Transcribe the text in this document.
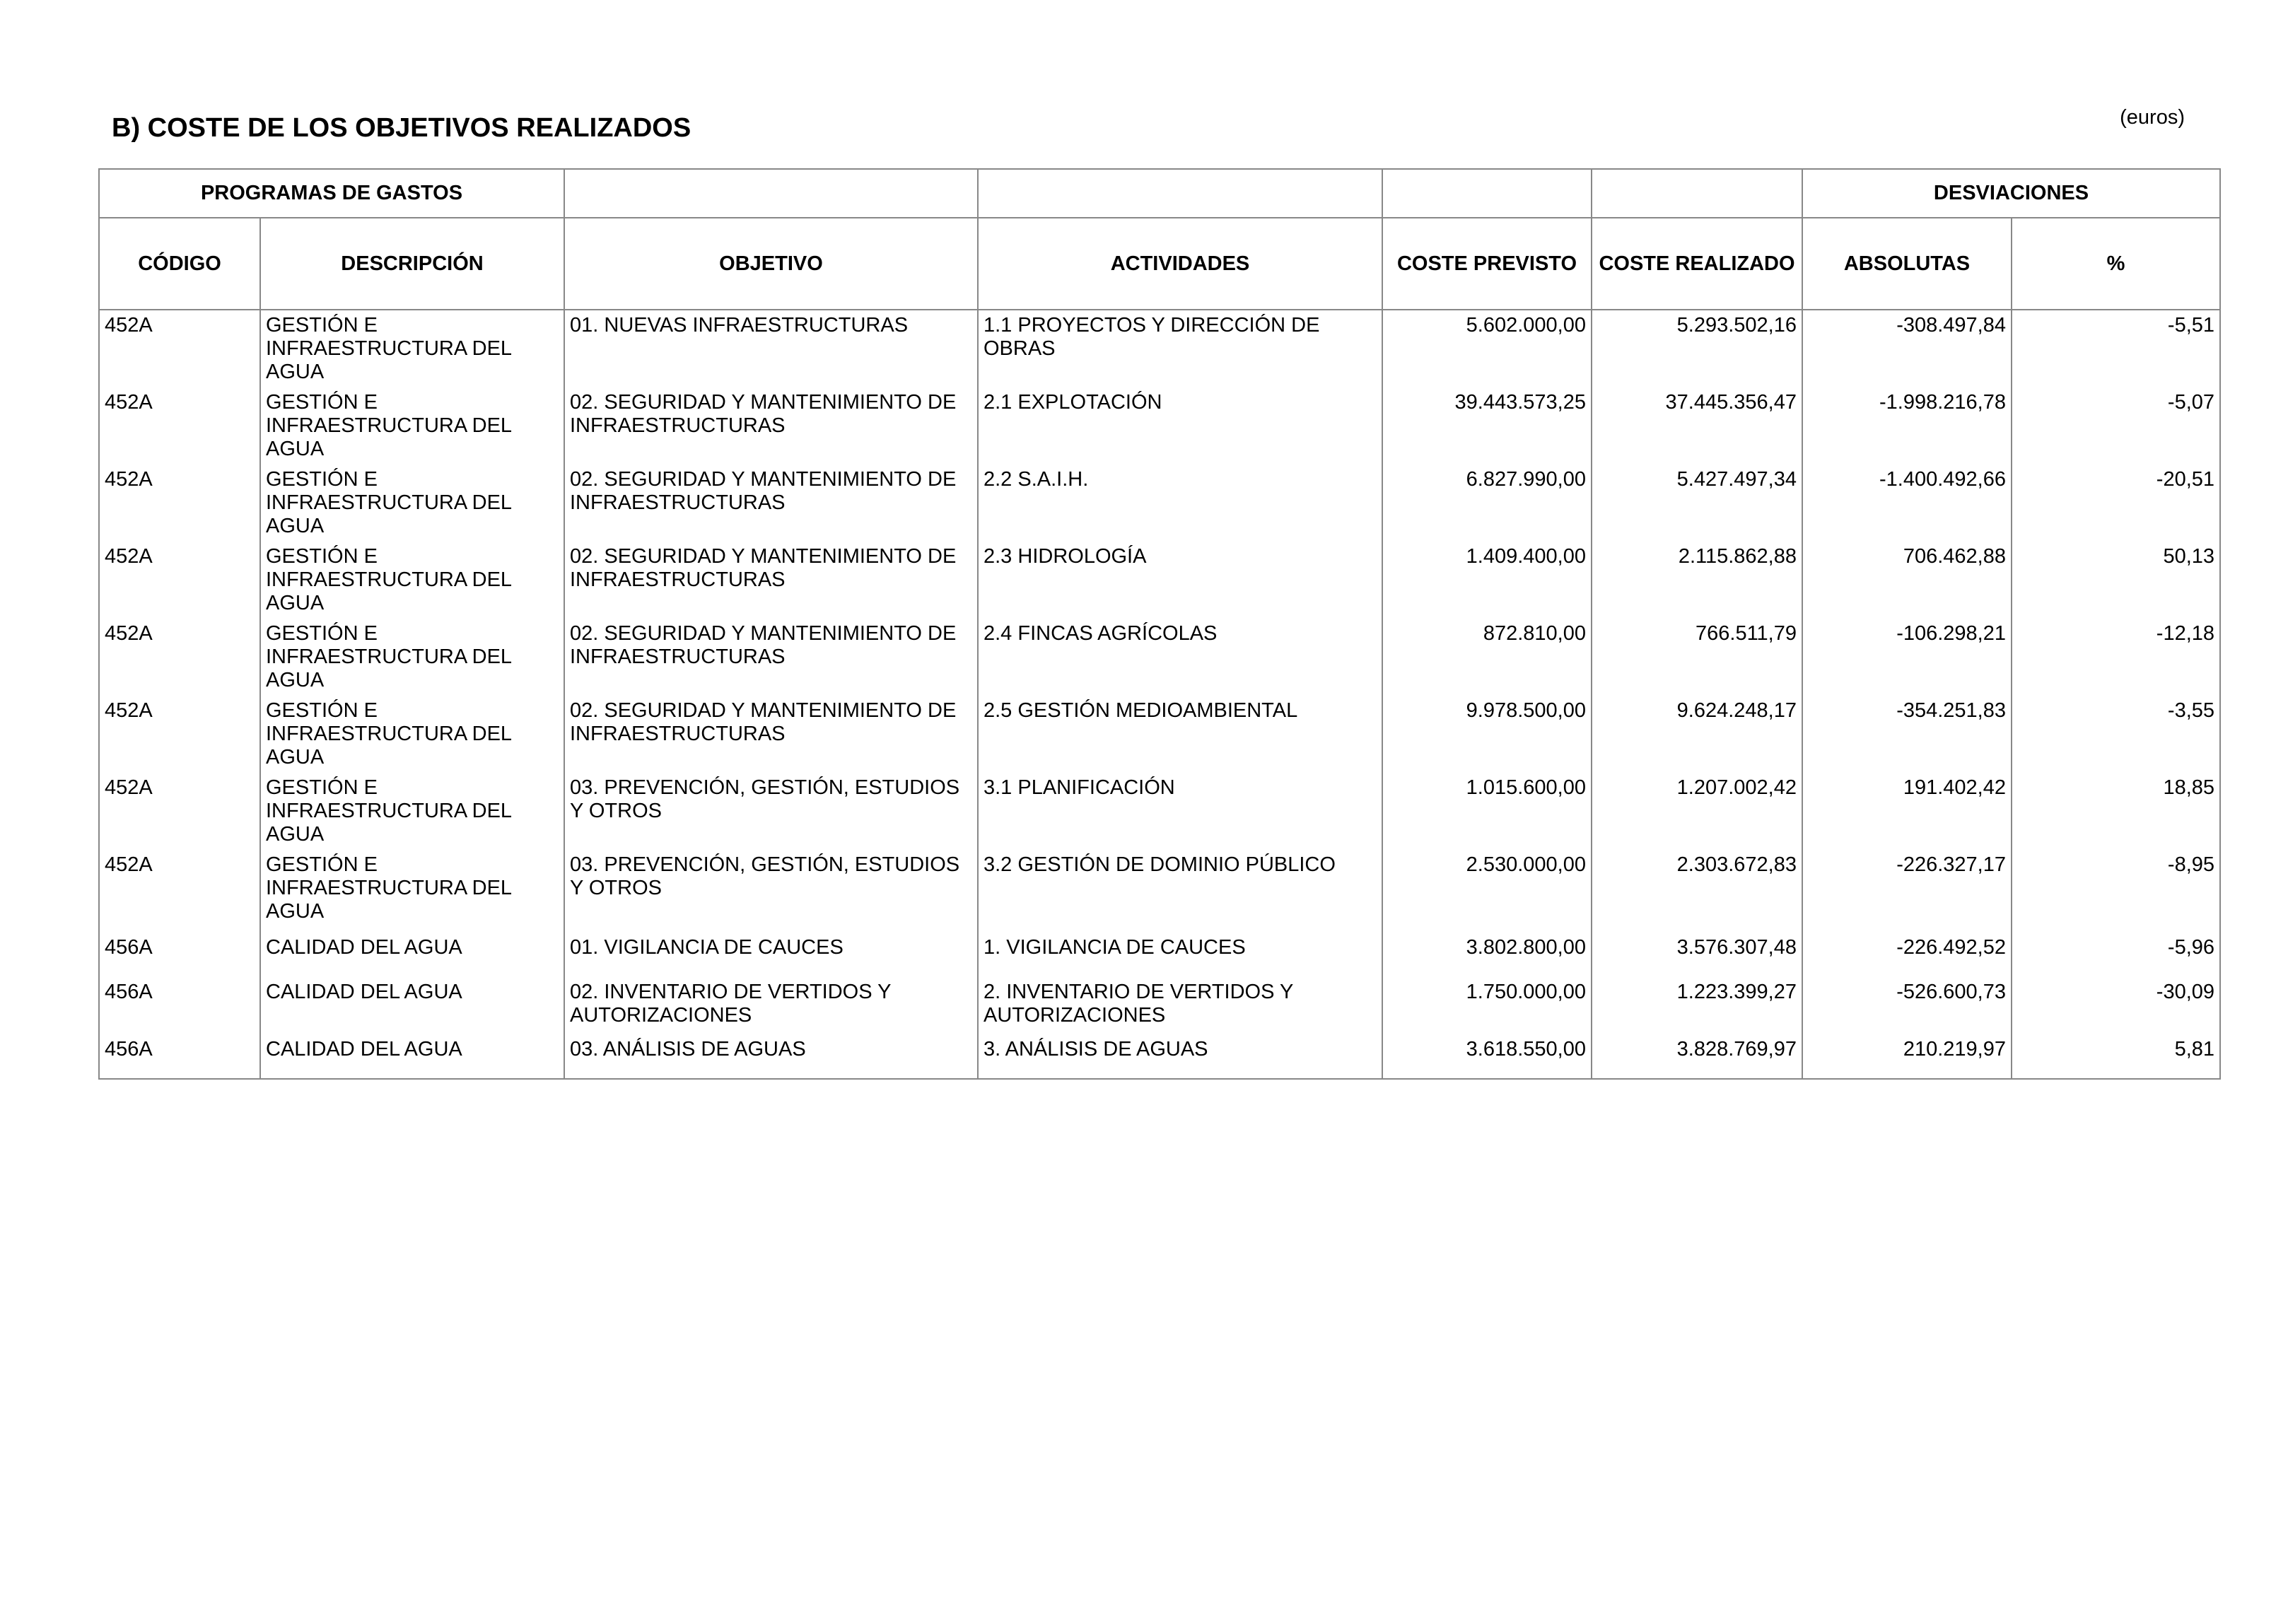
B) COSTE DE LOS OBJETIVOS REALIZADOS	(euros)
PROGRAMAS DE GASTOS						DESVIACIONES	
CÓDIGO	DESCRIPCIÓN	OBJETIVO	ACTIVIDADES	COSTE PREVISTO	COSTE REALIZADO	ABSOLUTAS	%
452A	GESTIÓN E INFRAESTRUCTURA DEL AGUA	01. NUEVAS INFRAESTRUCTURAS	1.1 PROYECTOS Y DIRECCIÓN DE OBRAS	5.602.000,00	5.293.502,16	-308.497,84	-5,51
452A	GESTIÓN E INFRAESTRUCTURA DEL AGUA	02. SEGURIDAD Y MANTENIMIENTO DE INFRAESTRUCTURAS	2.1 EXPLOTACIÓN	39.443.573,25	37.445.356,47	-1.998.216,78	-5,07
452A	GESTIÓN E INFRAESTRUCTURA DEL AGUA	02. SEGURIDAD Y MANTENIMIENTO DE INFRAESTRUCTURAS	2.2 S.A.I.H.	6.827.990,00	5.427.497,34	-1.400.492,66	-20,51
452A	GESTIÓN E INFRAESTRUCTURA DEL AGUA	02. SEGURIDAD Y MANTENIMIENTO DE INFRAESTRUCTURAS	2.3 HIDROLOGÍA	1.409.400,00	2.115.862,88	706.462,88	50,13
452A	GESTIÓN E INFRAESTRUCTURA DEL AGUA	02. SEGURIDAD Y MANTENIMIENTO DE INFRAESTRUCTURAS	2.4 FINCAS AGRÍCOLAS	872.810,00	766.511,79	-106.298,21	-12,18
452A	GESTIÓN E INFRAESTRUCTURA DEL AGUA	02. SEGURIDAD Y MANTENIMIENTO DE INFRAESTRUCTURAS	2.5 GESTIÓN MEDIOAMBIENTAL	9.978.500,00	9.624.248,17	-354.251,83	-3,55
452A	GESTIÓN E INFRAESTRUCTURA DEL AGUA	03. PREVENCIÓN, GESTIÓN, ESTUDIOS Y OTROS	3.1 PLANIFICACIÓN	1.015.600,00	1.207.002,42	191.402,42	18,85
452A	GESTIÓN E INFRAESTRUCTURA DEL AGUA	03. PREVENCIÓN, GESTIÓN, ESTUDIOS Y OTROS	3.2 GESTIÓN DE DOMINIO PÚBLICO	2.530.000,00	2.303.672,83	-226.327,17	-8,95
456A	CALIDAD DEL AGUA	01. VIGILANCIA DE CAUCES	1. VIGILANCIA DE CAUCES	3.802.800,00	3.576.307,48	-226.492,52	-5,96
456A	CALIDAD DEL AGUA	02. INVENTARIO DE VERTIDOS Y AUTORIZACIONES	2. INVENTARIO DE VERTIDOS Y AUTORIZACIONES	1.750.000,00	1.223.399,27	-526.600,73	-30,09
456A	CALIDAD DEL AGUA	03. ANÁLISIS DE AGUAS	3. ANÁLISIS DE AGUAS	3.618.550,00	3.828.769,97	210.219,97	5,81
